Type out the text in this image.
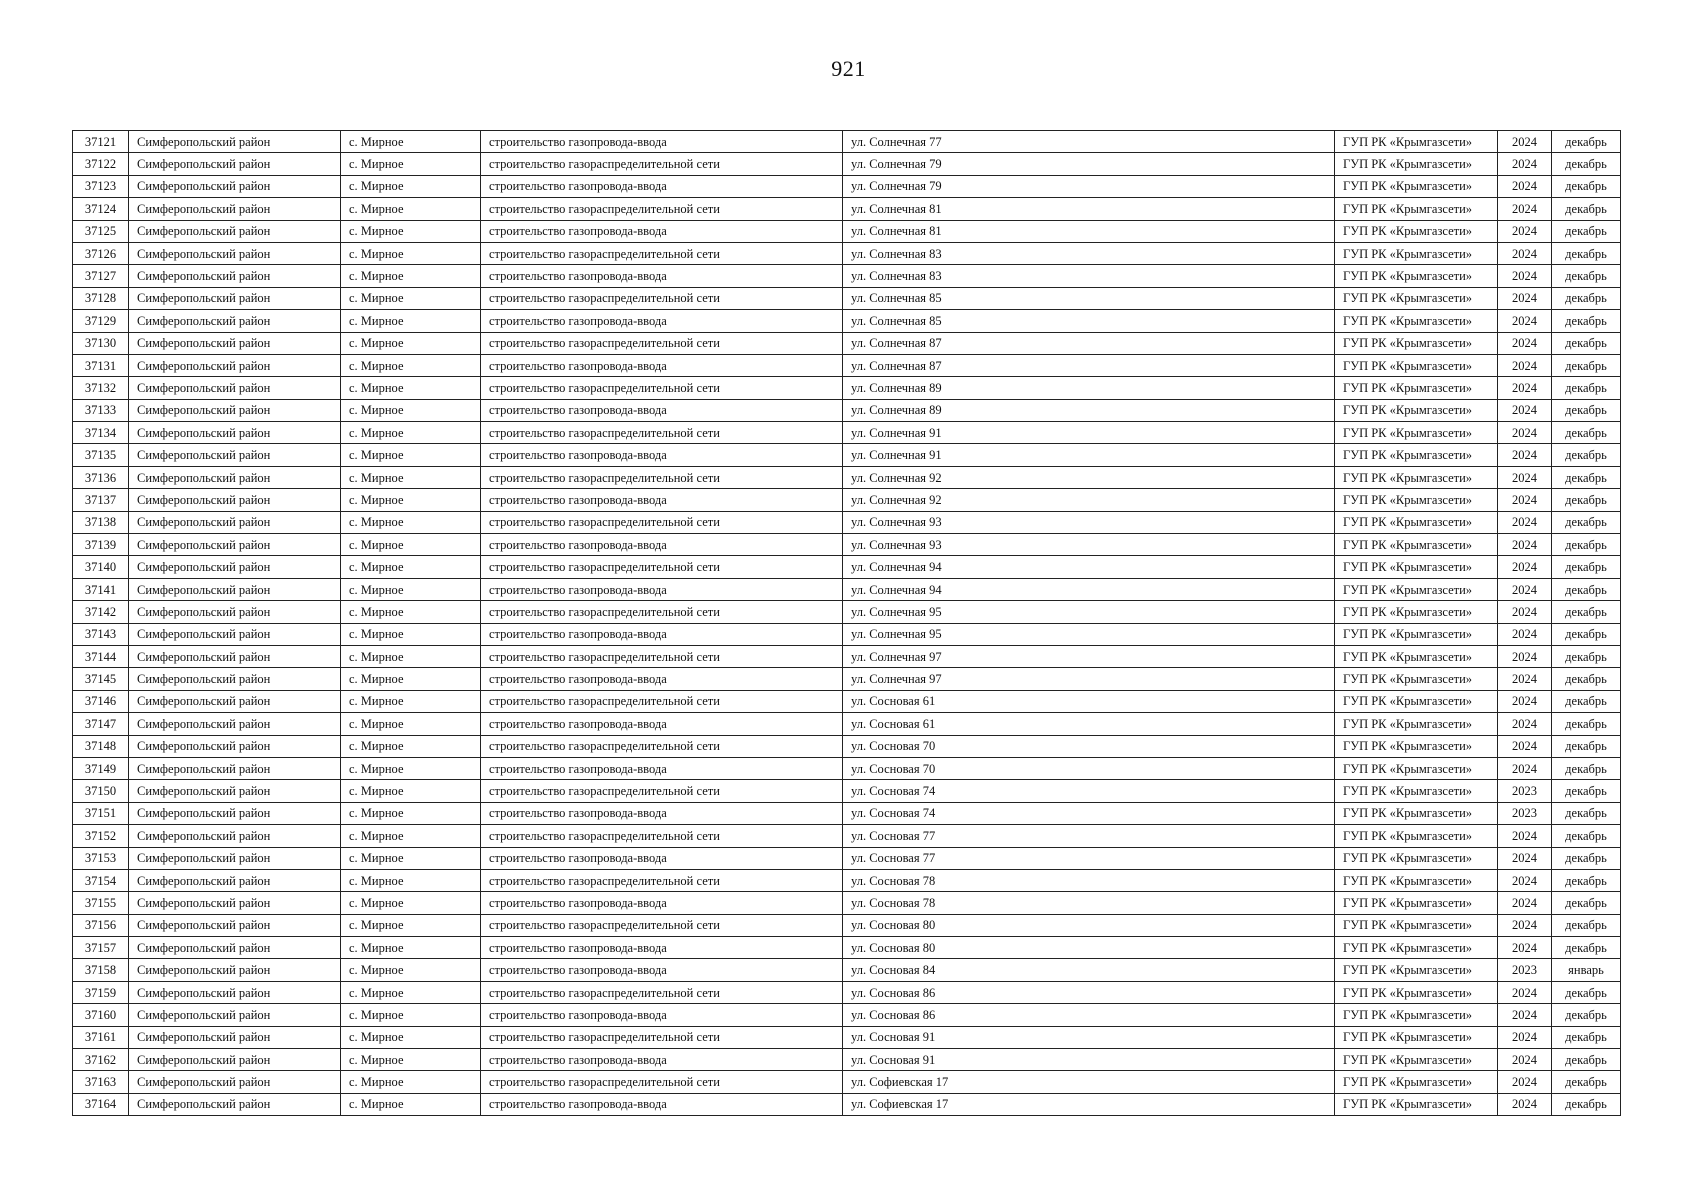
921
37121	Симферопольский район	с. Мирное	строительство газопровода-ввода	ул. Солнечная 77	ГУП РК «Крымгазсети»	2024	декабрь
37122	Симферопольский район	с. Мирное	строительство газораспределительной сети	ул. Солнечная 79	ГУП РК «Крымгазсети»	2024	декабрь
37123	Симферопольский район	с. Мирное	строительство газопровода-ввода	ул. Солнечная 79	ГУП РК «Крымгазсети»	2024	декабрь
37124	Симферопольский район	с. Мирное	строительство газораспределительной сети	ул. Солнечная 81	ГУП РК «Крымгазсети»	2024	декабрь
37125	Симферопольский район	с. Мирное	строительство газопровода-ввода	ул. Солнечная 81	ГУП РК «Крымгазсети»	2024	декабрь
37126	Симферопольский район	с. Мирное	строительство газораспределительной сети	ул. Солнечная 83	ГУП РК «Крымгазсети»	2024	декабрь
37127	Симферопольский район	с. Мирное	строительство газопровода-ввода	ул. Солнечная 83	ГУП РК «Крымгазсети»	2024	декабрь
37128	Симферопольский район	с. Мирное	строительство газораспределительной сети	ул. Солнечная 85	ГУП РК «Крымгазсети»	2024	декабрь
37129	Симферопольский район	с. Мирное	строительство газопровода-ввода	ул. Солнечная 85	ГУП РК «Крымгазсети»	2024	декабрь
37130	Симферопольский район	с. Мирное	строительство газораспределительной сети	ул. Солнечная 87	ГУП РК «Крымгазсети»	2024	декабрь
37131	Симферопольский район	с. Мирное	строительство газопровода-ввода	ул. Солнечная 87	ГУП РК «Крымгазсети»	2024	декабрь
37132	Симферопольский район	с. Мирное	строительство газораспределительной сети	ул. Солнечная 89	ГУП РК «Крымгазсети»	2024	декабрь
37133	Симферопольский район	с. Мирное	строительство газопровода-ввода	ул. Солнечная 89	ГУП РК «Крымгазсети»	2024	декабрь
37134	Симферопольский район	с. Мирное	строительство газораспределительной сети	ул. Солнечная 91	ГУП РК «Крымгазсети»	2024	декабрь
37135	Симферопольский район	с. Мирное	строительство газопровода-ввода	ул. Солнечная 91	ГУП РК «Крымгазсети»	2024	декабрь
37136	Симферопольский район	с. Мирное	строительство газораспределительной сети	ул. Солнечная 92	ГУП РК «Крымгазсети»	2024	декабрь
37137	Симферопольский район	с. Мирное	строительство газопровода-ввода	ул. Солнечная 92	ГУП РК «Крымгазсети»	2024	декабрь
37138	Симферопольский район	с. Мирное	строительство газораспределительной сети	ул. Солнечная 93	ГУП РК «Крымгазсети»	2024	декабрь
37139	Симферопольский район	с. Мирное	строительство газопровода-ввода	ул. Солнечная 93	ГУП РК «Крымгазсети»	2024	декабрь
37140	Симферопольский район	с. Мирное	строительство газораспределительной сети	ул. Солнечная 94	ГУП РК «Крымгазсети»	2024	декабрь
37141	Симферопольский район	с. Мирное	строительство газопровода-ввода	ул. Солнечная 94	ГУП РК «Крымгазсети»	2024	декабрь
37142	Симферопольский район	с. Мирное	строительство газораспределительной сети	ул. Солнечная 95	ГУП РК «Крымгазсети»	2024	декабрь
37143	Симферопольский район	с. Мирное	строительство газопровода-ввода	ул. Солнечная 95	ГУП РК «Крымгазсети»	2024	декабрь
37144	Симферопольский район	с. Мирное	строительство газораспределительной сети	ул. Солнечная 97	ГУП РК «Крымгазсети»	2024	декабрь
37145	Симферопольский район	с. Мирное	строительство газопровода-ввода	ул. Солнечная 97	ГУП РК «Крымгазсети»	2024	декабрь
37146	Симферопольский район	с. Мирное	строительство газораспределительной сети	ул. Сосновая 61	ГУП РК «Крымгазсети»	2024	декабрь
37147	Симферопольский район	с. Мирное	строительство газопровода-ввода	ул. Сосновая 61	ГУП РК «Крымгазсети»	2024	декабрь
37148	Симферопольский район	с. Мирное	строительство газораспределительной сети	ул. Сосновая 70	ГУП РК «Крымгазсети»	2024	декабрь
37149	Симферопольский район	с. Мирное	строительство газопровода-ввода	ул. Сосновая 70	ГУП РК «Крымгазсети»	2024	декабрь
37150	Симферопольский район	с. Мирное	строительство газораспределительной сети	ул. Сосновая 74	ГУП РК «Крымгазсети»	2023	декабрь
37151	Симферопольский район	с. Мирное	строительство газопровода-ввода	ул. Сосновая 74	ГУП РК «Крымгазсети»	2023	декабрь
37152	Симферопольский район	с. Мирное	строительство газораспределительной сети	ул. Сосновая 77	ГУП РК «Крымгазсети»	2024	декабрь
37153	Симферопольский район	с. Мирное	строительство газопровода-ввода	ул. Сосновая 77	ГУП РК «Крымгазсети»	2024	декабрь
37154	Симферопольский район	с. Мирное	строительство газораспределительной сети	ул. Сосновая 78	ГУП РК «Крымгазсети»	2024	декабрь
37155	Симферопольский район	с. Мирное	строительство газопровода-ввода	ул. Сосновая 78	ГУП РК «Крымгазсети»	2024	декабрь
37156	Симферопольский район	с. Мирное	строительство газораспределительной сети	ул. Сосновая 80	ГУП РК «Крымгазсети»	2024	декабрь
37157	Симферопольский район	с. Мирное	строительство газопровода-ввода	ул. Сосновая 80	ГУП РК «Крымгазсети»	2024	декабрь
37158	Симферопольский район	с. Мирное	строительство газопровода-ввода	ул. Сосновая 84	ГУП РК «Крымгазсети»	2023	январь
37159	Симферопольский район	с. Мирное	строительство газораспределительной сети	ул. Сосновая 86	ГУП РК «Крымгазсети»	2024	декабрь
37160	Симферопольский район	с. Мирное	строительство газопровода-ввода	ул. Сосновая 86	ГУП РК «Крымгазсети»	2024	декабрь
37161	Симферопольский район	с. Мирное	строительство газораспределительной сети	ул. Сосновая 91	ГУП РК «Крымгазсети»	2024	декабрь
37162	Симферопольский район	с. Мирное	строительство газопровода-ввода	ул. Сосновая 91	ГУП РК «Крымгазсети»	2024	декабрь
37163	Симферопольский район	с. Мирное	строительство газораспределительной сети	ул. Софиевская 17	ГУП РК «Крымгазсети»	2024	декабрь
37164	Симферопольский район	с. Мирное	строительство газопровода-ввода	ул. Софиевская 17	ГУП РК «Крымгазсети»	2024	декабрь
